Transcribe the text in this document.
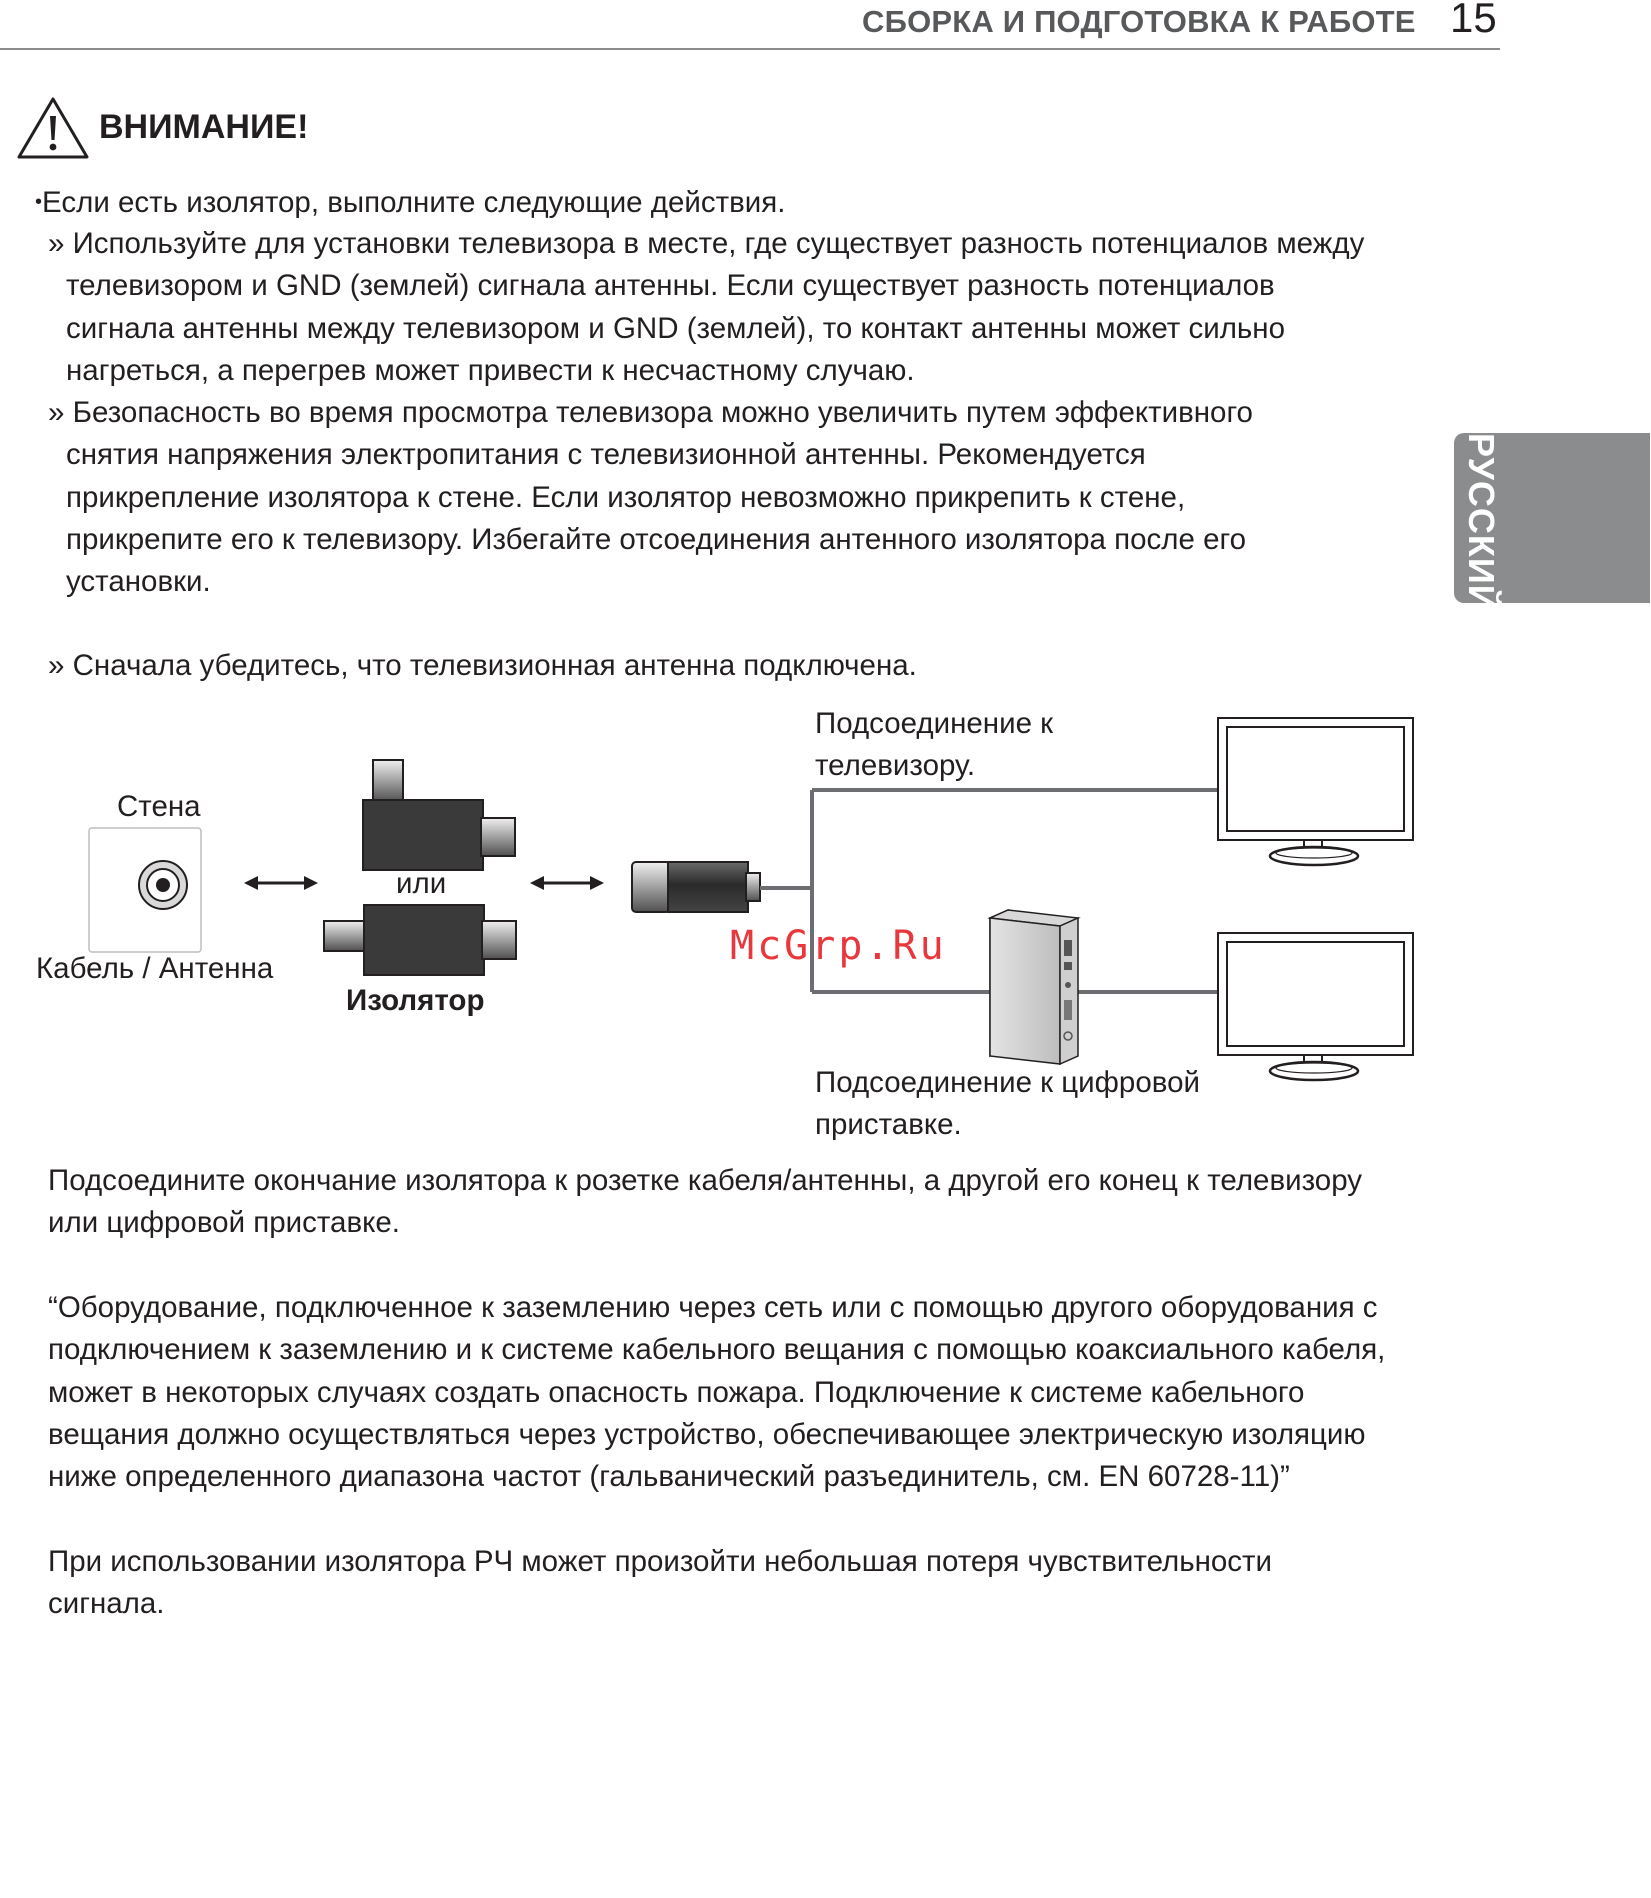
СБОРКА И ПОДГОТОВКА К РАБОТЕ 15
РУССКИЙ
ВНИМАНИЕ!
•Если есть изолятор, выполните следующие действия.
» Используйте для установки телевизора в месте, где существует разность потенциалов между
телевизором и GND (землей) сигнала антенны. Если существует разность потенциалов
сигнала антенны между телевизором и GND (землей), то контакт антенны может сильно
нагреться, а перегрев может привести к несчастному случаю.
» Безопасность во время просмотра телевизора можно увеличить путем эффективного
снятия напряжения электропитания с телевизионной антенны. Рекомендуется
прикрепление изолятора к стене. Если изолятор невозможно прикрепить к стене,
прикрепите его к телевизору. Избегайте отсоединения антенного изолятора после его
установки.
» Сначала убедитесь, что телевизионная антенна подключена.
Стена
Кабель / Антенна
или
Изолятор
Подсоединение к
телевизору.
Подсоединение к цифровой
приставке.
McGrp.Ru
Подсоедините окончание изолятора к розетке кабеля/антенны, а другой его конец к телевизору
или цифровой приставке.
“Оборудование, подключенное к заземлению через сеть или с помощью другого оборудования с
подключением к заземлению и к системе кабельного вещания с помощью коаксиального кабеля,
может в некоторых случаях создать опасность пожара. Подключение к системе кабельного
вещания должно осуществляться через устройство, обеспечивающее электрическую изоляцию
ниже определенного диапазона частот (гальванический разъединитель, см. EN 60728-11)”
При использовании изолятора РЧ может произойти небольшая потеря чувствительности
сигнала.
